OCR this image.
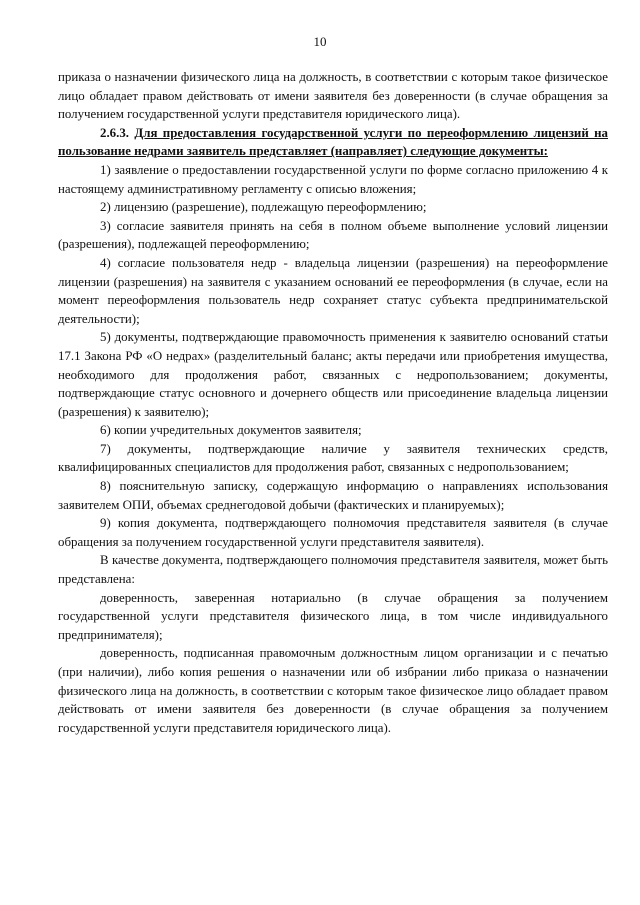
10

приказа о назначении физического лица на должность, в соответствии с которым такое физическое лицо обладает правом действовать от имени заявителя без доверенности (в случае обращения за получением государственной услуги представителя юридического лица).

2.6.3. Для предоставления государственной услуги по переоформлению лицензий на пользование недрами заявитель представляет (направляет) следующие документы:

1) заявление о предоставлении государственной услуги по форме согласно приложению 4 к настоящему административному регламенту с описью вложения;

2) лицензию (разрешение), подлежащую переоформлению;

3) согласие заявителя принять на себя в полном объеме выполнение условий лицензии (разрешения), подлежащей переоформлению;

4) согласие пользователя недр - владельца лицензии (разрешения) на переоформление лицензии (разрешения) на заявителя с указанием оснований ее переоформления (в случае, если на момент переоформления пользователь недр сохраняет статус субъекта предпринимательской деятельности);

5) документы, подтверждающие правомочность применения к заявителю оснований статьи 17.1 Закона РФ «О недрах» (разделительный баланс; акты передачи или приобретения имущества, необходимого для продолжения работ, связанных с недропользованием; документы, подтверждающие статус основного и дочернего обществ или присоединение владельца лицензии (разрешения) к заявителю);

6) копии учредительных документов заявителя;

7) документы, подтверждающие наличие у заявителя технических средств, квалифицированных специалистов для продолжения работ, связанных с недропользованием;

8) пояснительную записку, содержащую информацию о направлениях использования заявителем ОПИ, объемах среднегодовой добычи (фактических и планируемых);

9) копия документа, подтверждающего полномочия представителя заявителя (в случае обращения за получением государственной услуги представителя заявителя).

В качестве документа, подтверждающего полномочия представителя заявителя, может быть представлена:

доверенность, заверенная нотариально (в случае обращения за получением государственной услуги представителя физического лица, в том числе индивидуального предпринимателя);

доверенность, подписанная правомочным должностным лицом организации и с печатью (при наличии), либо копия решения о назначении или об избрании либо приказа о назначении физического лица на должность, в соответствии с которым такое физическое лицо обладает правом действовать от имени заявителя без доверенности (в случае обращения за получением государственной услуги представителя юридического лица).
